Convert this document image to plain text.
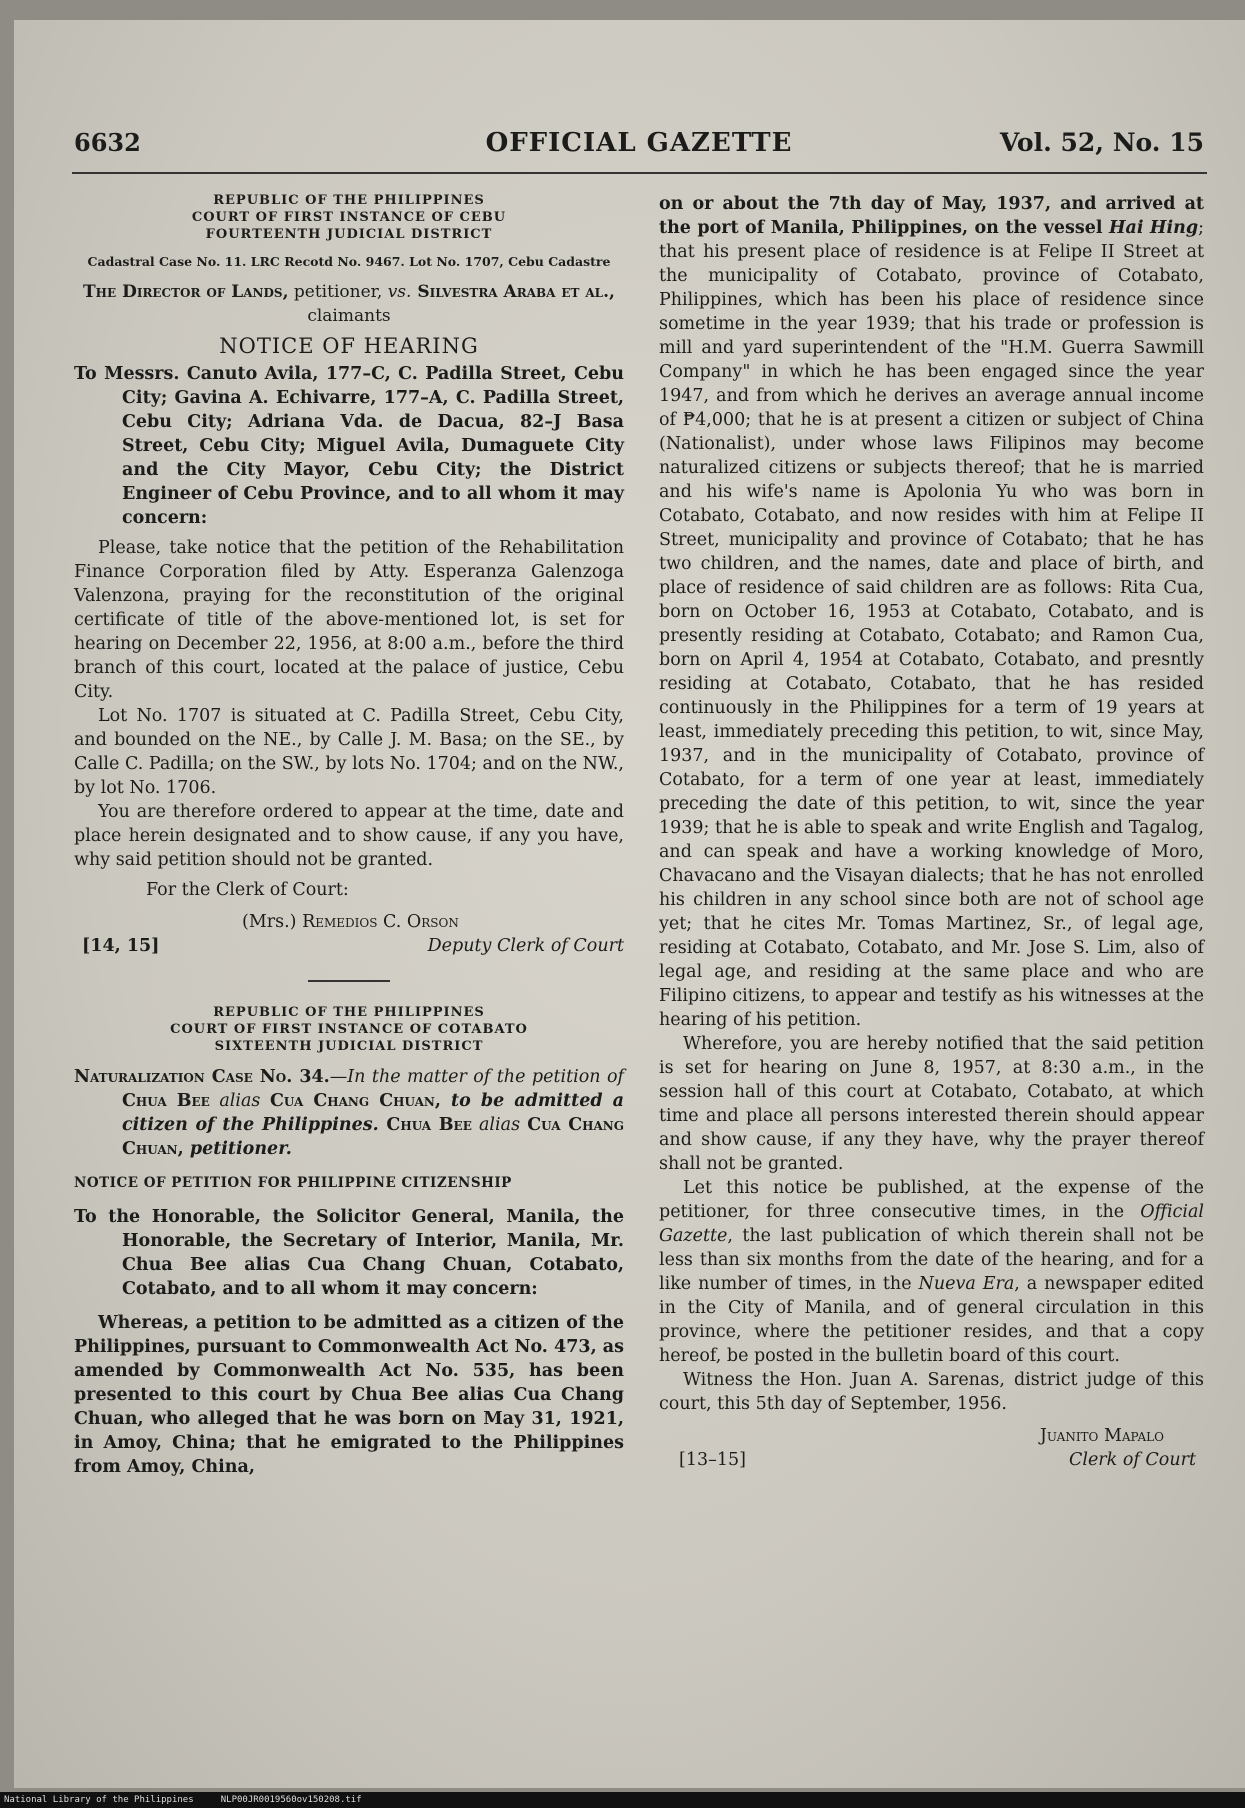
OFFICIAL GAZETTE
6632	Vol. 52, No. 15
REPUBLIC OF THE PHILIPPINES
COURT OF FIRST INSTANCE OF CEBU
FOURTEENTH JUDICIAL DISTRICT
Cadastral Case No. 11. LRC Recotd No. 9467. Lot No. 1707, Cebu Cadastre
The Director of Lands, petitioner, vs. Silvestra Araba et al., claimants
NOTICE OF HEARING
To Messrs. Canuto Avila, 177–C, C. Padilla Street, Cebu City; Gavina A. Echivarre, 177–A, C. Padilla Street, Cebu City; Adriana Vda. de Dacua, 82–J Basa Street, Cebu City; Miguel Avila, Dumaguete City and the City Mayor, Cebu City; the District Engineer of Cebu Province, and to all whom it may concern:

Please, take notice that the petition of the Rehabilitation Finance Corporation filed by Atty. Esperanza Galenzoga Valenzona, praying for the reconstitution of the original certificate of title of the above-mentioned lot, is set for hearing on December 22, 1956, at 8:00 a.m., before the third branch of this court, located at the palace of justice, Cebu City.

Lot No. 1707 is situated at C. Padilla Street, Cebu City, and bounded on the NE., by Calle J. M. Basa; on the SE., by Calle C. Padilla; on the SW., by lots No. 1704; and on the NW., by lot No. 1706.

You are therefore ordered to appear at the time, date and place herein designated and to show cause, if any you have, why said petition should not be granted.

For the Clerk of Court:
(Mrs.) Remedios C. Orson
[14, 15]	Deputy Clerk of Court
REPUBLIC OF THE PHILIPPINES
COURT OF FIRST INSTANCE OF COTABATO
SIXTEENTH JUDICIAL DISTRICT
Naturalization Case No. 34.—In the matter of the petition of Chua Bee alias Cua Chang Chuan, to be admitted a citizen of the Philippines. Chua Bee alias Cua Chang Chuan, petitioner.
NOTICE OF PETITION FOR PHILIPPINE CITIZENSHIP
To the Honorable, the Solicitor General, Manila, the Honorable, the Secretary of Interior, Manila, Mr. Chua Bee alias Cua Chang Chuan, Cotabato, Cotabato, and to all whom it may concern:

Whereas, a petition to be admitted as a citizen of the Philippines, pursuant to Commonwealth Act No. 473, as amended by Commonwealth Act No. 535, has been presented to this court by Chua Bee alias Cua Chang Chuan, who alleged that he was born on May 31, 1921, in Amoy, China; that he emigrated to the Philippines from Amoy, China,

on or about the 7th day of May, 1937, and arrived at the port of Manila, Philippines, on the vessel Hai Hing; that his present place of residence is at Felipe II Street at the municipality of Cotabato, province of Cotabato, Philippines, which has been his place of residence since sometime in the year 1939; that his trade or profession is mill and yard superintendent of the "H.M. Guerra Sawmill Company" in which he has been engaged since the year 1947, and from which he derives an average annual income of ₱4,000; that he is at present a citizen or subject of China (Nationalist), under whose laws Filipinos may become naturalized citizens or subjects thereof; that he is married and his wife's name is Apolonia Yu who was born in Cotabato, Cotabato, and now resides with him at Felipe II Street, municipality and province of Cotabato; that he has two children, and the names, date and place of birth, and place of residence of said children are as follows: Rita Cua, born on October 16, 1953 at Cotabato, Cotabato, and is presently residing at Cotabato, Cotabato; and Ramon Cua, born on April 4, 1954 at Cotabato, Cotabato, and presntly residing at Cotabato, Cotabato, that he has resided continuously in the Philippines for a term of 19 years at least, immediately preceding this petition, to wit, since May, 1937, and in the municipality of Cotabato, province of Cotabato, for a term of one year at least, immediately preceding the date of this petition, to wit, since the year 1939; that he is able to speak and write English and Tagalog, and can speak and have a working knowledge of Moro, Chavacano and the Visayan dialects; that he has not enrolled his children in any school since both are not of school age yet; that he cites Mr. Tomas Martinez, Sr., of legal age, residing at Cotabato, Cotabato, and Mr. Jose S. Lim, also of legal age, and residing at the same place and who are Filipino citizens, to appear and testify as his witnesses at the hearing of his petition.

Wherefore, you are hereby notified that the said petition is set for hearing on June 8, 1957, at 8:30 a.m., in the session hall of this court at Cotabato, Cotabato, at which time and place all persons interested therein should appear and show cause, if any they have, why the prayer thereof shall not be granted.

Let this notice be published, at the expense of the petitioner, for three consecutive times, in the Official Gazette, the last publication of which therein shall not be less than six months from the date of the hearing, and for a like number of times, in the Nueva Era, a newspaper edited in the City of Manila, and of general circulation in this province, where the petitioner resides, and that a copy hereof, be posted in the bulletin board of this court.

Witness the Hon. Juan A. Sarenas, district judge of this court, this 5th day of September, 1956.

Juanito Mapalo
[13–15]	Clerk of Court
National Library of the Philippines	NLP00JR0019560ov150208.tif
